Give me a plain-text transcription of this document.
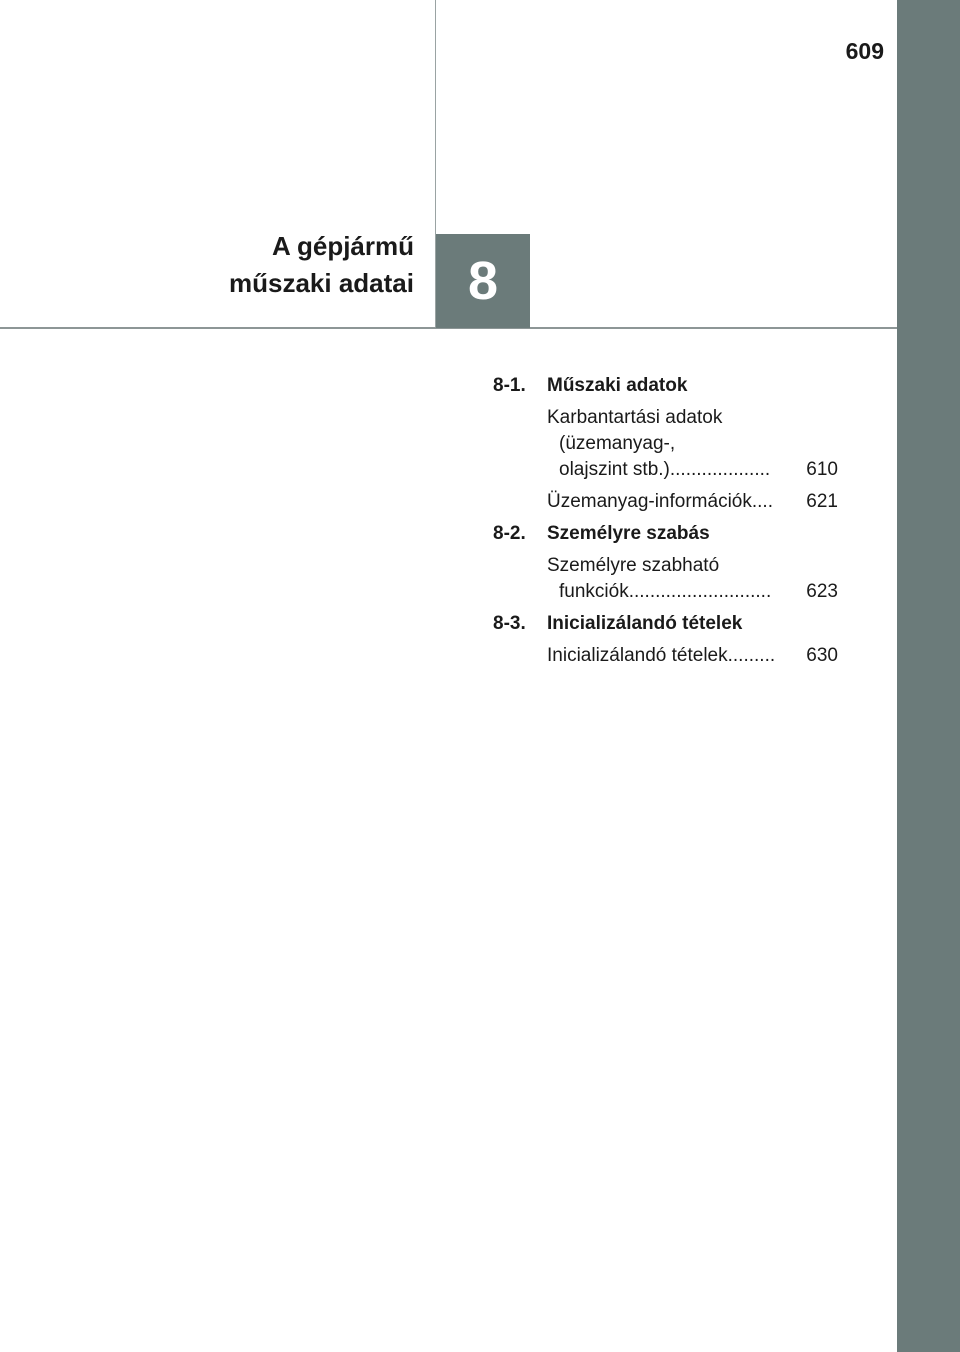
609
A gépjármű
műszaki adatai 8
8-1.	Műszaki adatok
Karbantartási adatok
(üzemanyag-,
olajszint stb.) ...................	610
Üzemanyag-információk ....	621
8-2.	Személyre szabás
Személyre szabható
funkciók ...........................	623
8-3.	Inicializálandó tételek
Inicializálandó tételek .........	630
